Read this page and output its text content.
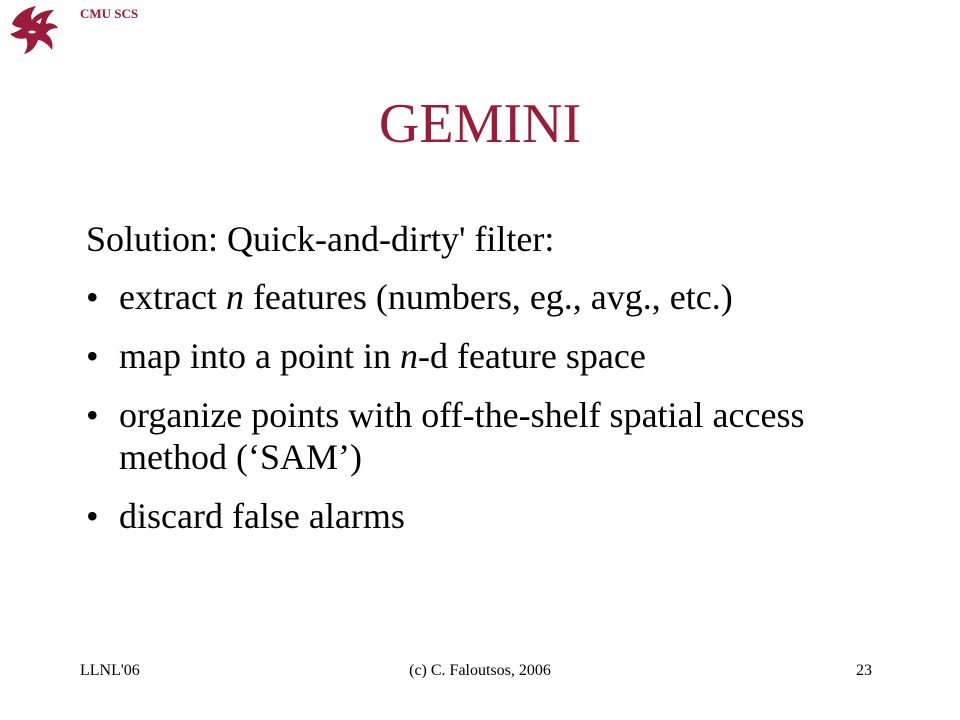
CMU SCS
GEMINI

Solution: Quick-and-dirty' filter:

• extract n features (numbers, eg., avg., etc.)
• map into a point in n-d feature space
• organize points with off-the-shelf spatial access method (‘SAM’)
• discard false alarms
LLNL'06	(c) C. Faloutsos, 2006	23
